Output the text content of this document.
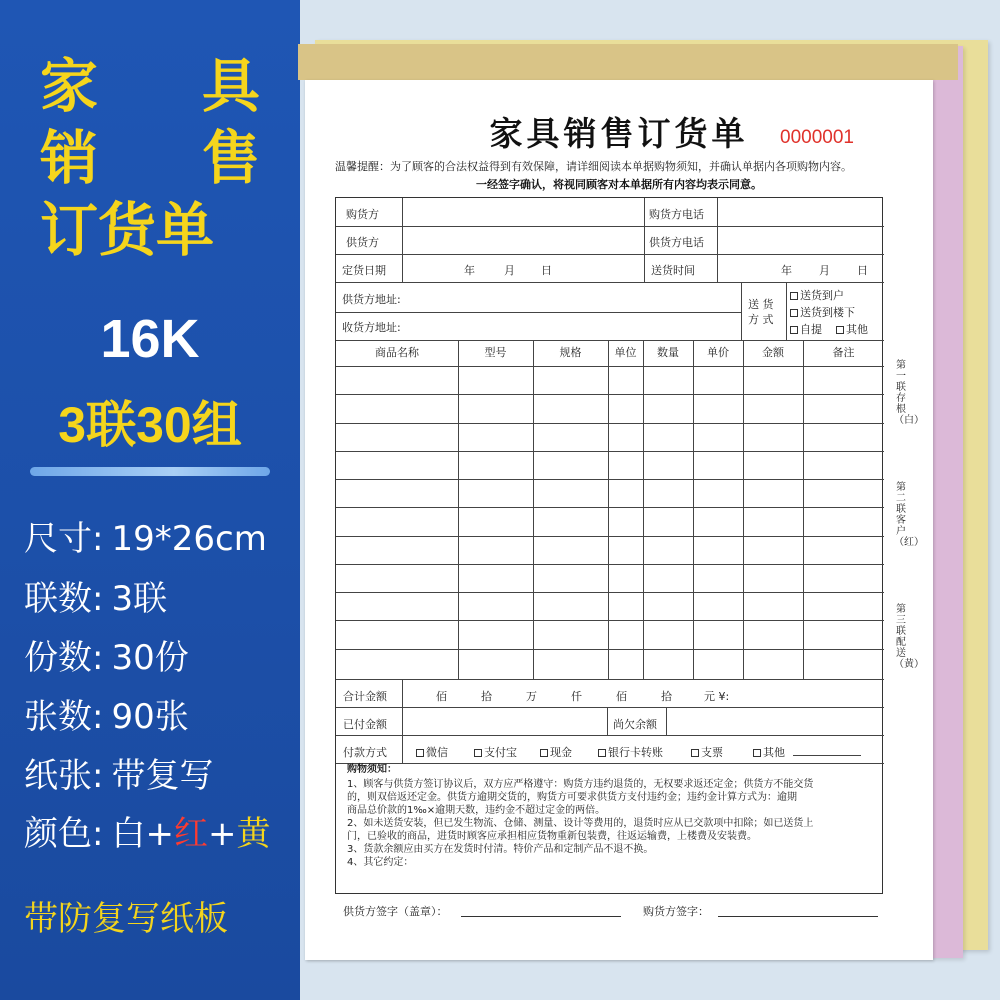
家 具
销 售
订货单
16K
3联30组
尺寸: 19*26cm
联数: 3联
份数: 30份
张数: 90张
纸张: 带复写
颜色: 白+红+黄
带防复写纸板
家具销售订货单	0000001
温馨提醒：为了顾客的合法权益得到有效保障，请详细阅读本单据购物须知，并确认单据内各项购物内容。
一经签字确认，将视同顾客对本单据所有内容均表示同意。
购货方	购货方电话
供货方	供货方电话
定货日期	年	月 日	送货时间	年 月 日
供货方地址:
收货方地址:
送 货
方 式
送货到户
送货到楼下
自提	其他
商品名称	型号	规格	单位	数量	单价	金额	备注
合计金额	佰	拾	万	仟	佰	拾	元 ¥:
已付金额	尚欠余额
付款方式	微信	支付宝	现金	银行卡转账	支票	其他

购物须知：

1、顾客与供货方签订协议后，双方应严格遵守：购货方违约退货的，无权要求返还定金；供货方不能交货

的，则双倍返还定金。供货方逾期交货的，购货方可要求供货方支付违约金；违约金计算方式为：逾期

商品总价款的1‰×逾期天数，违约金不超过定金的两倍。

2、如未送货安装，但已发生物流、仓储、测量、设计等费用的，退货时应从已交款项中扣除；如已送货上

门，已验收的商品，进货时顾客应承担相应货物重新包装费，往返运输费，上楼费及安装费。

3、货款余额应由买方在发货时付清。特价产品和定制产品不退不换。

4、其它约定：

供货方签字（盖章）：	购货方签字：
第一联 存根（白）
第二联 客户（红）
第三联 配送（黄）
